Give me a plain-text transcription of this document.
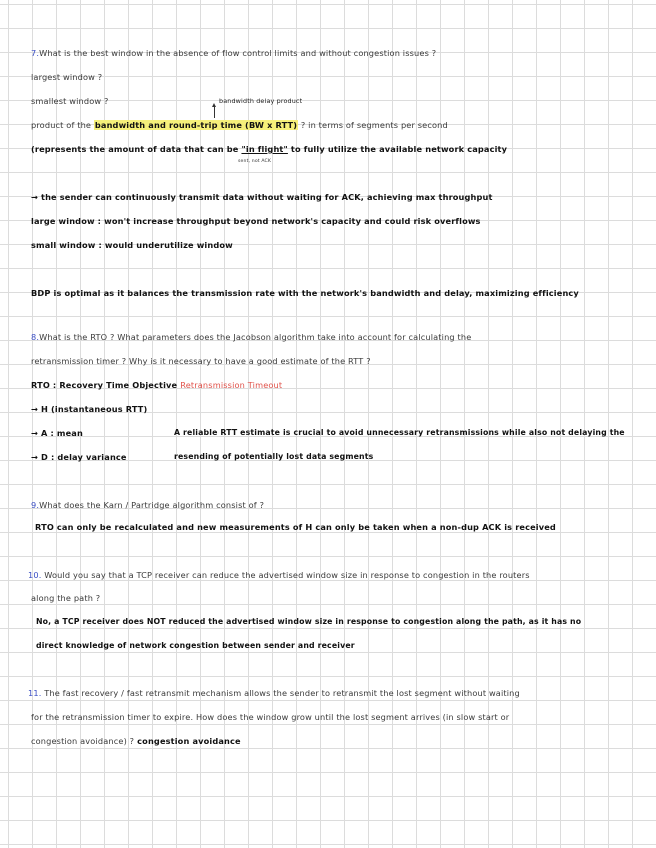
7.What is the best window in the absence of flow control limits and without congestion issues ?
largest window ?
smallest window ?	bandwidth delay product
product of the bandwidth and round-trip time (BW x RTT) ? in terms of segments per second
(represents the amount of data that can be "in flight" to fully utilize the available network capacity
sent, not ACK
→ the sender can continuously transmit data without waiting for ACK, achieving max throughput
large window : won't increase throughput beyond network's capacity and could risk overflows
small window : would underutilize window
BDP is optimal as it balances the transmission rate with the network's bandwidth and delay, maximizing efficiency
8.What is the RTO ? What parameters does the Jacobson algorithm take into account for calculating the
retransmission timer ? Why is it necessary to have a good estimate of the RTT ?
RTO : Recovery Time Objective Retransmission Timeout
→ H (instantaneous RTT)
→ A : mean
→ D : delay variance
A reliable RTT estimate is crucial to avoid unnecessary retransmissions while also not delaying the
resending of potentially lost data segments
9.What does the Karn / Partridge algorithm consist of ?
RTO can only be recalculated and new measurements of H can only be taken when a non-dup ACK is received
10. Would you say that a TCP receiver can reduce the advertised window size in response to congestion in the routers
along the path ?
No, a TCP receiver does NOT reduced the advertised window size in response to congestion along the path, as it has no
direct knowledge of network congestion between sender and receiver
11. The fast recovery / fast retransmit mechanism allows the sender to retransmit the lost segment without waiting
for the retransmission timer to expire. How does the window grow until the lost segment arrives (in slow start or
congestion avoidance) ? congestion avoidance
